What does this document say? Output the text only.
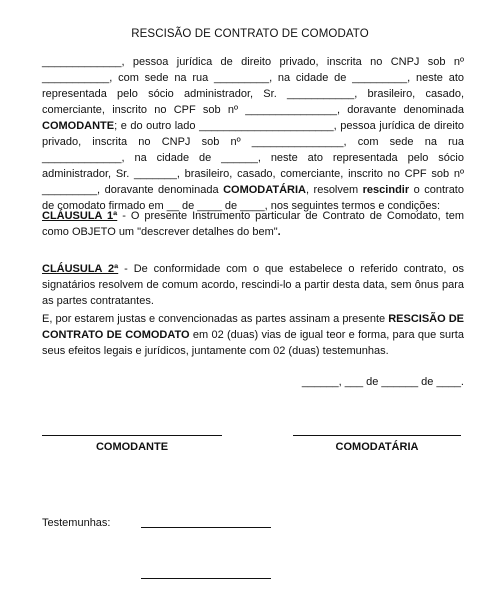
RESCISÃO DE CONTRATO DE COMODATO
_____________, pessoa jurídica de direito privado, inscrita no CNPJ sob nº ___________, com sede na rua _________, na cidade de _________, neste ato representada pelo sócio administrador, Sr. ___________, brasileiro, casado, comerciante, inscrito no CPF sob nº _______________, doravante denominada COMODANTE; e do outro lado ______________________, pessoa jurídica de direito privado, inscrita no CNPJ sob nº _______________, com sede na rua _____________, na cidade de ______, neste ato representada pelo sócio administrador, Sr. _______, brasileiro, casado, comerciante, inscrito no CPF sob nº _________, doravante denominada COMODATÁRIA, resolvem rescindir o contrato de comodato firmado em __ de ____ de ____, nos seguintes termos e condições:
CLÁUSULA 1ª - O presente Instrumento particular de Contrato de Comodato, tem como OBJETO um "descrever detalhes do bem".
CLÁUSULA 2ª - De conformidade com o que estabelece o referido contrato, os signatários resolvem de comum acordo, rescindi-lo a partir desta data, sem ônus para as partes contratantes.
E, por estarem justas e convencionadas as partes assinam a presente RESCISÃO DE CONTRATO DE COMODATO em 02 (duas) vias de igual teor e forma, para que surta seus efeitos legais e jurídicos, juntamente com 02 (duas) testemunhas.
______, ___ de ______ de ____.
COMODANTE	COMODATÁRIA
Testemunhas:
